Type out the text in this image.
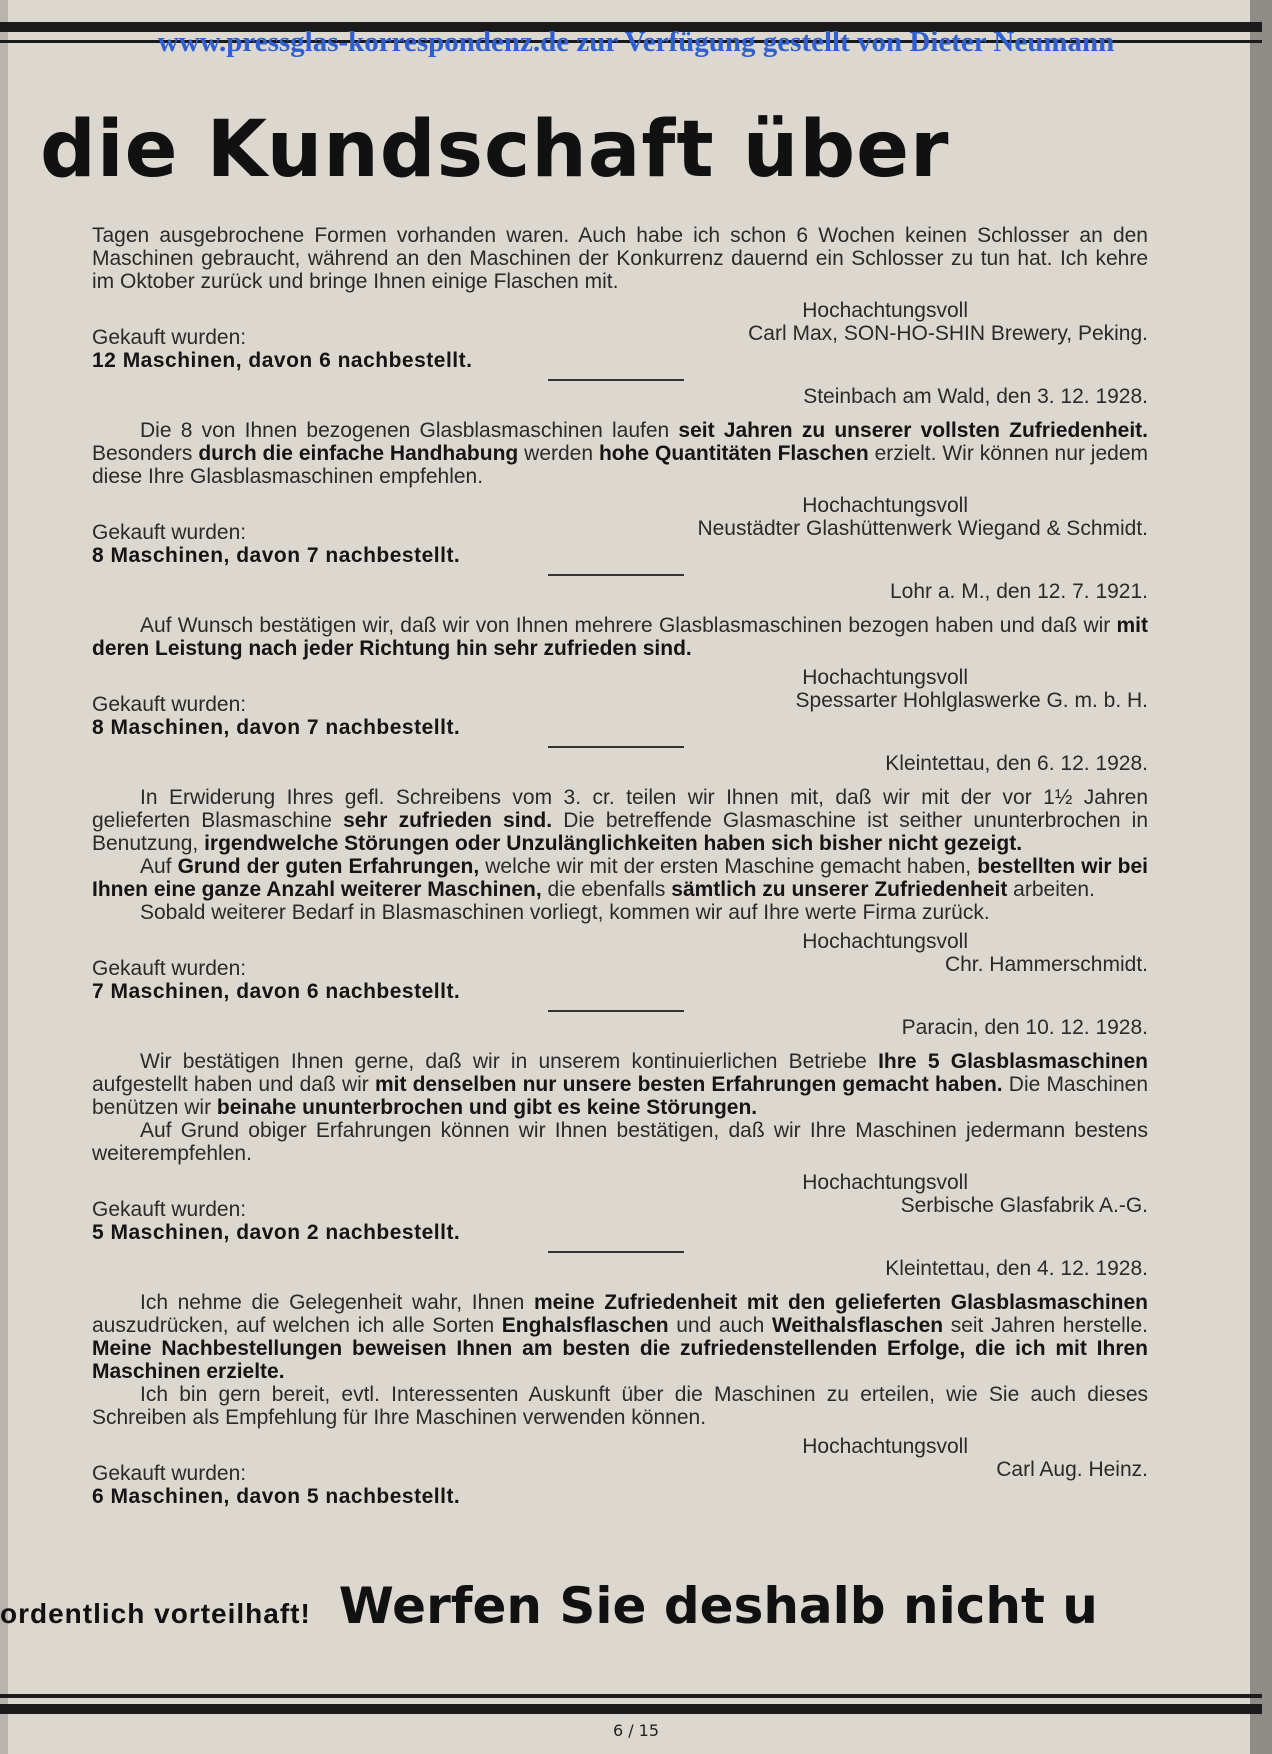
www.pressglas-korrespondenz.de zur Verfügung gestellt von Dieter Neumann
die Kundschaft über

Tagen ausgebrochene Formen vorhanden waren. Auch habe ich schon 6 Wochen keinen Schlosser an den Maschinen gebraucht, während an den Maschinen der Konkurrenz dauernd ein Schlosser zu tun hat. Ich kehre im Oktober zurück und bringe Ihnen einige Flaschen mit.

Hochachtungsvoll
Carl Max, SON-HO-SHIN Brewery, Peking.
Gekauft wurden:
12 Maschinen, davon 6 nachbestellt.

Steinbach am Wald, den 3. 12. 1928.

Die 8 von Ihnen bezogenen Glasblasmaschinen laufen seit Jahren zu unserer vollsten Zufriedenheit. Besonders durch die einfache Handhabung werden hohe Quantitäten Flaschen erzielt. Wir können nur jedem diese Ihre Glasblasmaschinen empfehlen.

Hochachtungsvoll
Neustädter Glashüttenwerk Wiegand & Schmidt.
Gekauft wurden:
8 Maschinen, davon 7 nachbestellt.

Lohr a. M., den 12. 7. 1921.

Auf Wunsch bestätigen wir, daß wir von Ihnen mehrere Glasblasmaschinen bezogen haben und daß wir mit deren Leistung nach jeder Richtung hin sehr zufrieden sind.

Hochachtungsvoll
Spessarter Hohlglaswerke G. m. b. H.
Gekauft wurden:
8 Maschinen, davon 7 nachbestellt.

Kleintettau, den 6. 12. 1928.

In Erwiderung Ihres gefl. Schreibens vom 3. cr. teilen wir Ihnen mit, daß wir mit der vor 1½ Jahren gelieferten Blasmaschine sehr zufrieden sind. Die betreffende Glasmaschine ist seither ununterbrochen in Benutzung, irgendwelche Störungen oder Unzulänglichkeiten haben sich bisher nicht gezeigt.

Auf Grund der guten Erfahrungen, welche wir mit der ersten Maschine gemacht haben, bestellten wir bei Ihnen eine ganze Anzahl weiterer Maschinen, die ebenfalls sämtlich zu unserer Zufriedenheit arbeiten.

Sobald weiterer Bedarf in Blasmaschinen vorliegt, kommen wir auf Ihre werte Firma zurück.

Hochachtungsvoll
Chr. Hammerschmidt.
Gekauft wurden:
7 Maschinen, davon 6 nachbestellt.

Paracin, den 10. 12. 1928.

Wir bestätigen Ihnen gerne, daß wir in unserem kontinuierlichen Betriebe Ihre 5 Glasblasmaschinen aufgestellt haben und daß wir mit denselben nur unsere besten Erfahrungen gemacht haben. Die Maschinen benützen wir beinahe ununterbrochen und gibt es keine Störungen.

Auf Grund obiger Erfahrungen können wir Ihnen bestätigen, daß wir Ihre Maschinen jedermann bestens weiterempfehlen.

Hochachtungsvoll
Serbische Glasfabrik A.-G.
Gekauft wurden:
5 Maschinen, davon 2 nachbestellt.

Kleintettau, den 4. 12. 1928.

Ich nehme die Gelegenheit wahr, Ihnen meine Zufriedenheit mit den gelieferten Glasblasmaschinen auszudrücken, auf welchen ich alle Sorten Enghalsflaschen und auch Weithalsflaschen seit Jahren herstelle. Meine Nachbestellungen beweisen Ihnen am besten die zufriedenstellenden Erfolge, die ich mit Ihren Maschinen erzielte.

Ich bin gern bereit, evtl. Interessenten Auskunft über die Maschinen zu erteilen, wie Sie auch dieses Schreiben als Empfehlung für Ihre Maschinen verwenden können.

Hochachtungsvoll
Carl Aug. Heinz.
Gekauft wurden:
6 Maschinen, davon 5 nachbestellt.
ordentlich vorteilhaft! Werfen Sie deshalb nicht u
6 / 15
